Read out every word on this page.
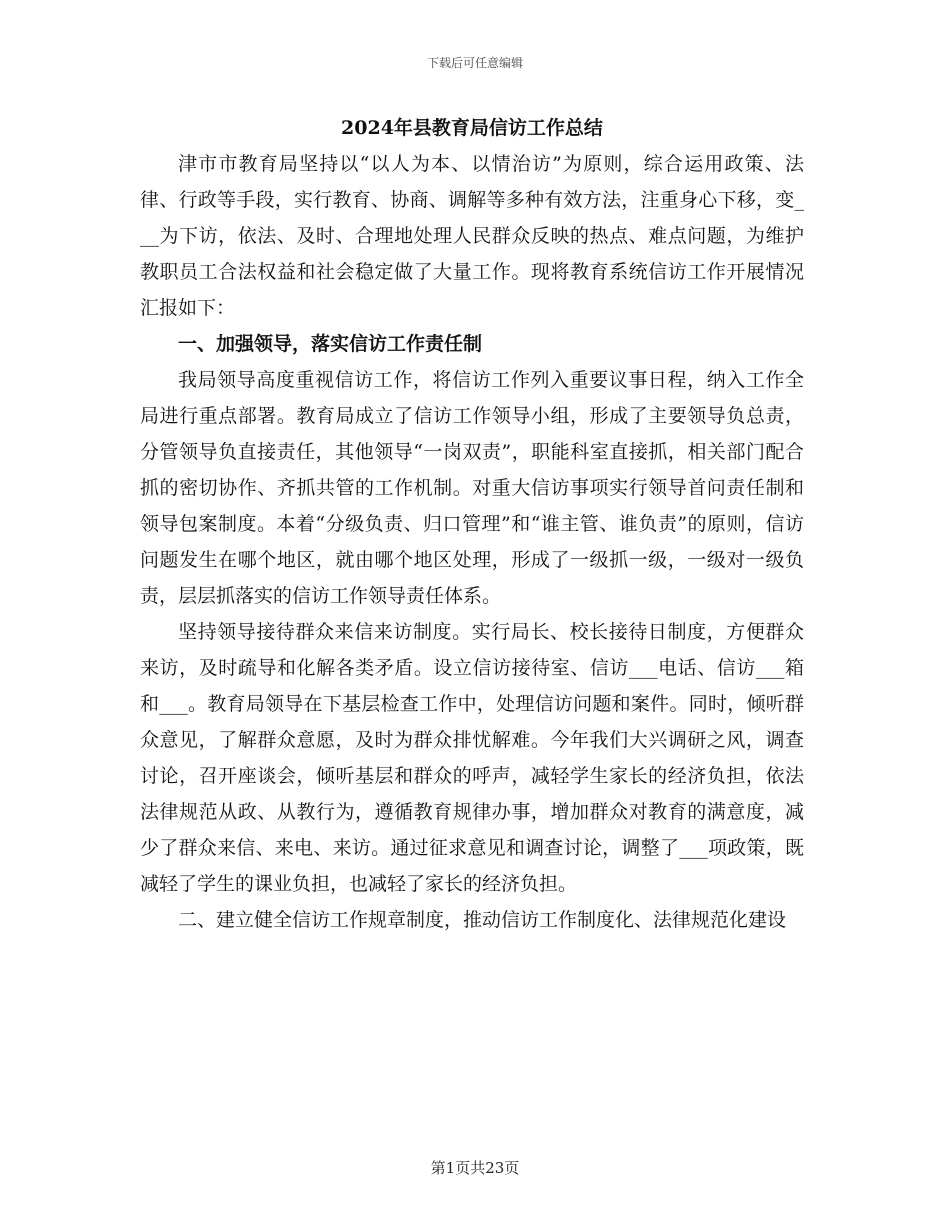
下载后可任意编辑
2024年县教育局信访工作总结

津市市教育局坚持以“以人为本、以情治访”为原则，综合运用政策、法律、行政等手段，实行教育、协商、调解等多种有效方法，注重身心下移，变___为下访，依法、及时、合理地处理人民群众反映的热点、难点问题，为维护教职员工合法权益和社会稳定做了大量工作。现将教育系统信访工作开展情况汇报如下：

一、加强领导，落实信访工作责任制

我局领导高度重视信访工作，将信访工作列入重要议事日程，纳入工作全局进行重点部署。教育局成立了信访工作领导小组，形成了主要领导负总责，分管领导负直接责任，其他领导“一岗双责”，职能科室直接抓，相关部门配合抓的密切协作、齐抓共管的工作机制。对重大信访事项实行领导首问责任制和领导包案制度。本着“分级负责、归口管理”和“谁主管、谁负责”的原则，信访问题发生在哪个地区，就由哪个地区处理，形成了一级抓一级，一级对一级负责，层层抓落实的信访工作领导责任体系。

坚持领导接待群众来信来访制度。实行局长、校长接待日制度，方便群众来访，及时疏导和化解各类矛盾。设立信访接待室、信访___电话、信访___箱和___。教育局领导在下基层检查工作中，处理信访问题和案件。同时，倾听群众意见，了解群众意愿，及时为群众排忧解难。今年我们大兴调研之风，调查讨论，召开座谈会，倾听基层和群众的呼声，减轻学生家长的经济负担，依法法律规范从政、从教行为，遵循教育规律办事，增加群众对教育的满意度，减少了群众来信、来电、来访。通过征求意见和调查讨论，调整了___项政策，既减轻了学生的课业负担，也减轻了家长的经济负担。

二、建立健全信访工作规章制度，推动信访工作制度化、法律规范化建设

第1页共23页
